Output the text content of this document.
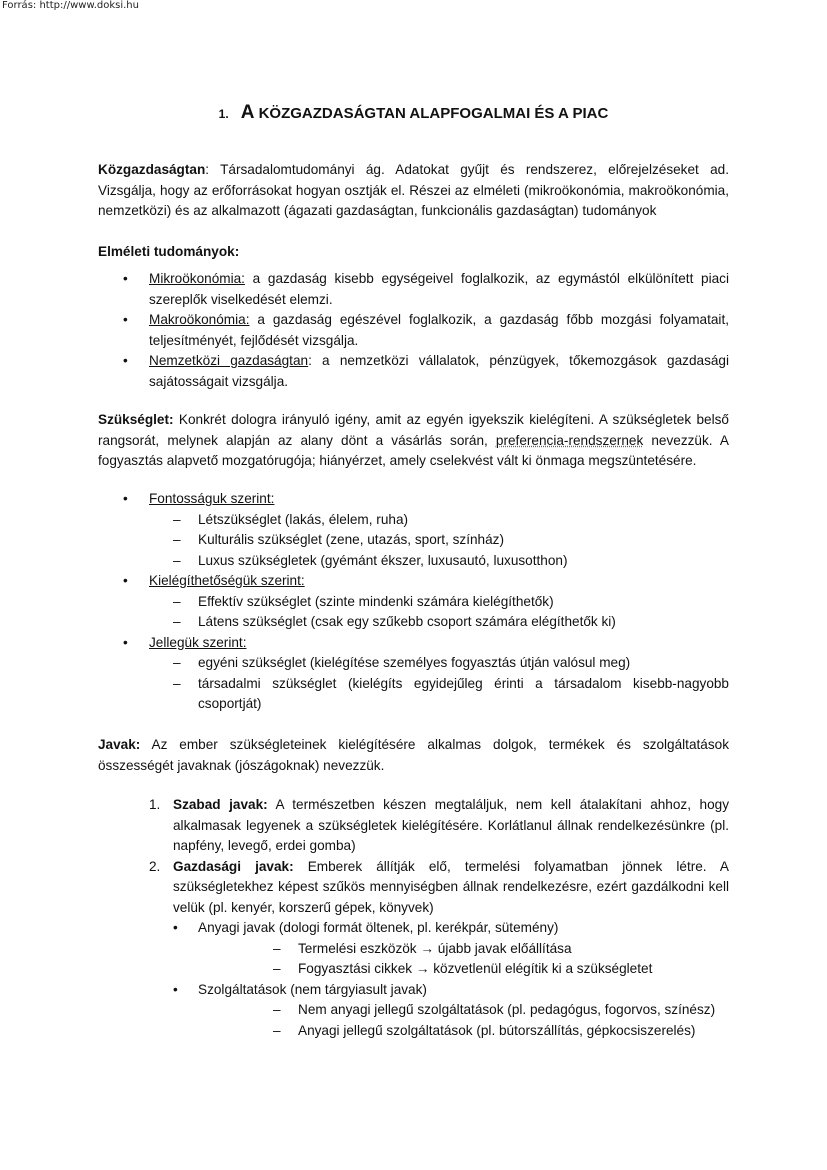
Forrás: http://www.doksi.hu
1. A KÖZGAZDASÁGTAN ALAPFOGALMAI ÉS A PIAC

Közgazdaságtan: Társadalomtudományi ág. Adatokat gyűjt és rendszerez, előrejelzéseket ad. Vizsgálja, hogy az erőforrásokat hogyan osztják el. Részei az elméleti (mikroökonómia, makroökonómia, nemzetközi) és az alkalmazott (ágazati gazdaságtan, funkcionális gazdaságtan) tudományok

Elméleti tudományok:

• Mikroökonómia: a gazdaság kisebb egységeivel foglalkozik, az egymástól elkülönített piaci szereplők viselkedését elemzi.
• Makroökonómia: a gazdaság egészével foglalkozik, a gazdaság főbb mozgási folyamatait, teljesítményét, fejlődését vizsgálja.
• Nemzetközi gazdaságtan: a nemzetközi vállalatok, pénzügyek, tőkemozgások gazdasági sajátosságait vizsgálja.

Szükséglet: Konkrét dologra irányuló igény, amit az egyén igyekszik kielégíteni. A szükségletek belső rangsorát, melynek alapján az alany dönt a vásárlás során, preferencia-rendszernek nevezzük. A fogyasztás alapvető mozgatórugója; hiányérzet, amely cselekvést vált ki önmaga megszüntetésére.

• Fontosságuk szerint:
– Létszükséglet (lakás, élelem, ruha)
– Kulturális szükséglet (zene, utazás, sport, színház)
– Luxus szükségletek (gyémánt ékszer, luxusautó, luxusotthon)
• Kielégíthetőségük szerint:
– Effektív szükséglet (szinte mindenki számára kielégíthetők)
– Látens szükséglet (csak egy szűkebb csoport számára elégíthetők ki)
• Jellegük szerint:
– egyéni szükséglet (kielégítése személyes fogyasztás útján valósul meg)
– társadalmi szükséglet (kielégíts egyidejűleg érinti a társadalom kisebb-nagyobb csoportját)

Javak: Az ember szükségleteinek kielégítésére alkalmas dolgok, termékek és szolgáltatások összességét javaknak (jószágoknak) nevezzük.

1. Szabad javak: A természetben készen megtaláljuk, nem kell átalakítani ahhoz, hogy alkalmasak legyenek a szükségletek kielégítésére. Korlátlanul állnak rendelkezésünkre (pl. napfény, levegő, erdei gomba)
2. Gazdasági javak: Emberek állítják elő, termelési folyamatban jönnek létre. A szükségletekhez képest szűkös mennyiségben állnak rendelkezésre, ezért gazdálkodni kell velük (pl. kenyér, korszerű gépek, könyvek)
• Anyagi javak (dologi formát öltenek, pl. kerékpár, sütemény)
– Termelési eszközök → újabb javak előállítása
– Fogyasztási cikkek → közvetlenül elégítik ki a szükségletet
• Szolgáltatások (nem tárgyiasult javak)
– Nem anyagi jellegű szolgáltatások (pl. pedagógus, fogorvos, színész)
– Anyagi jellegű szolgáltatások (pl. bútorszállítás, gépkocsiszerelés)
